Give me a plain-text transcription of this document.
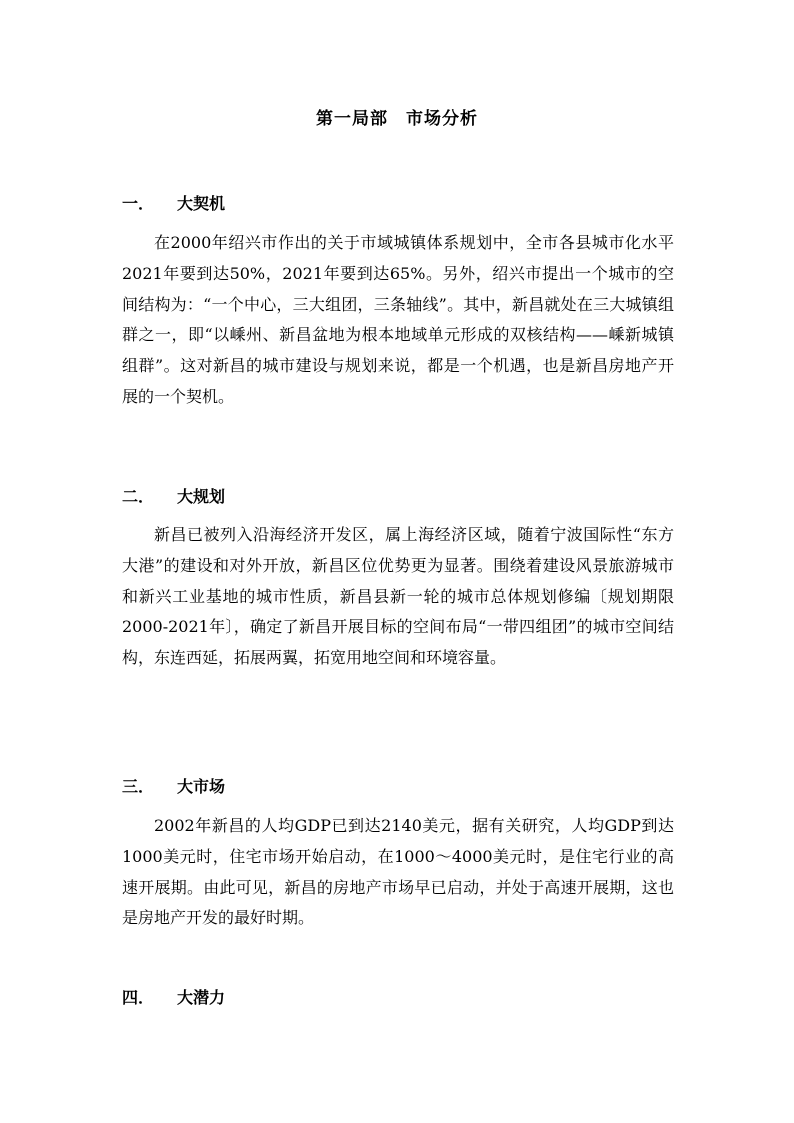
第一局部　市场分析
一． 大契机
在2000年绍兴市作出的关于市域城镇体系规划中，全市各县城市化水平2021年要到达50%，2021年要到达65%。另外，绍兴市提出一个城市的空间结构为：“一个中心，三大组团，三条轴线”。其中，新昌就处在三大城镇组群之一，即“以嵊州、新昌盆地为根本地域单元形成的双核结构——嵊新城镇组群”。这对新昌的城市建设与规划来说，都是一个机遇，也是新昌房地产开展的一个契机。
二． 大规划
新昌已被列入沿海经济开发区，属上海经济区域，随着宁波国际性“东方大港”的建设和对外开放，新昌区位优势更为显著。围绕着建设风景旅游城市和新兴工业基地的城市性质，新昌县新一轮的城市总体规划修编〔规划期限2000-2021年〕，确定了新昌开展目标的空间布局“一带四组团”的城市空间结构，东连西延，拓展两翼，拓宽用地空间和环境容量。
三． 大市场
2002年新昌的人均GDP已到达2140美元，据有关研究，人均GDP到达1000美元时，住宅市场开始启动，在1000～4000美元时，是住宅行业的高速开展期。由此可见，新昌的房地产市场早已启动，并处于高速开展期，这也是房地产开发的最好时期。
四． 大潜力
